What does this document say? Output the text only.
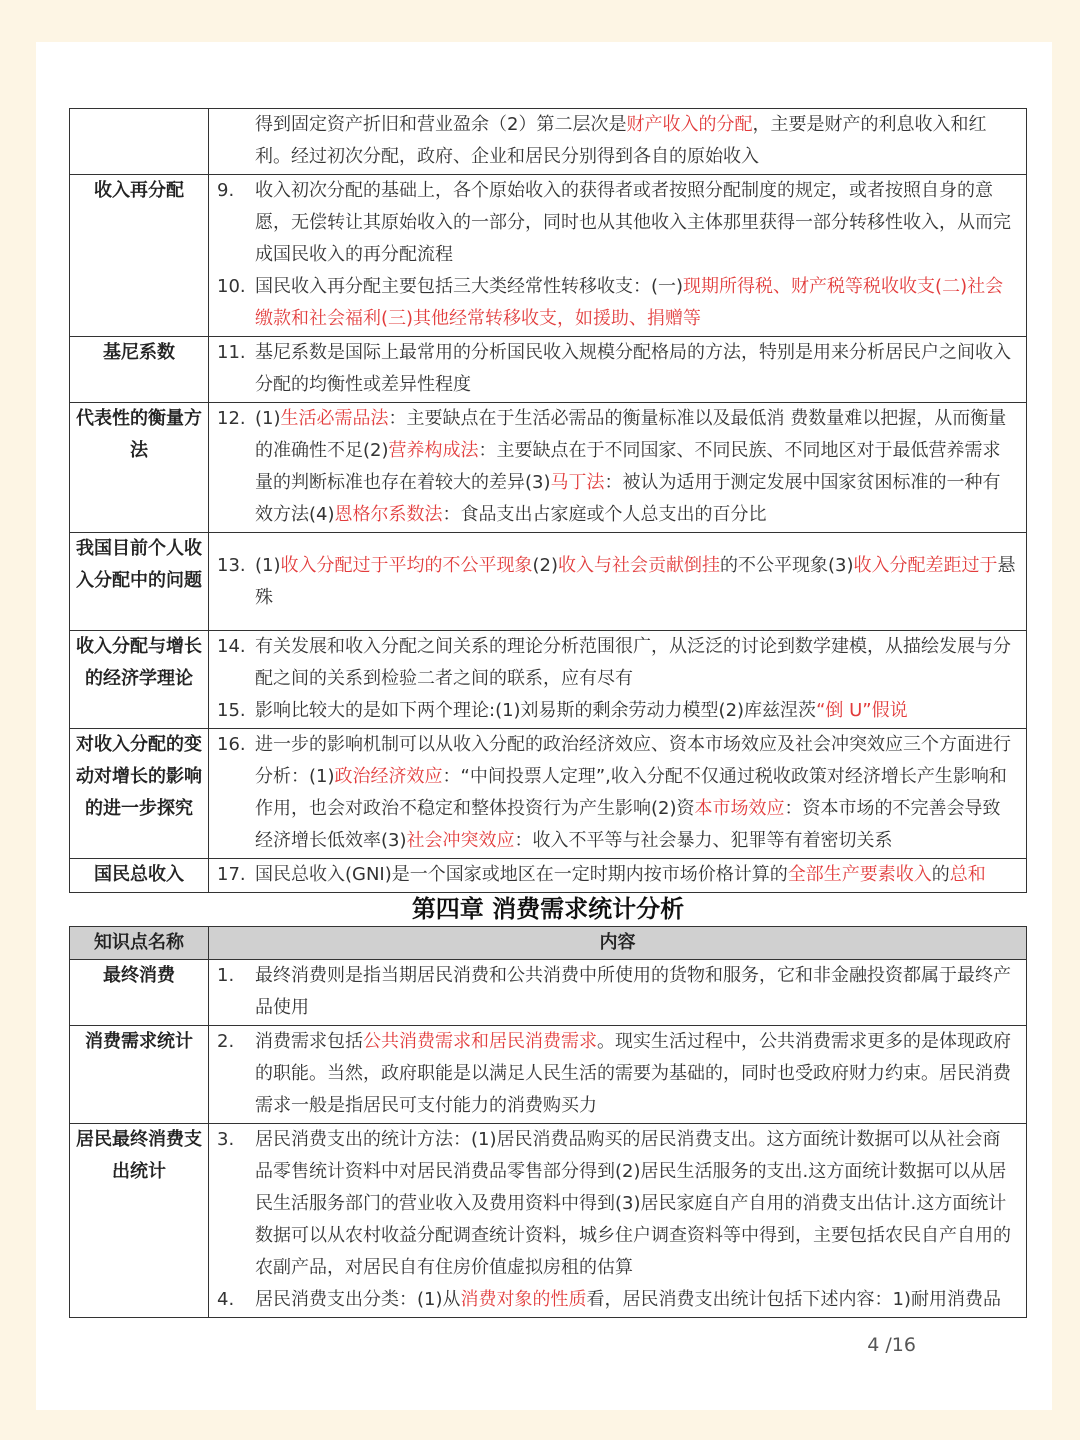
	得到固定资产折旧和营业盈余（2）第二层次是财产收入的分配，主要是财产的利息收入和红利。经过初次分配，政府、企业和居民分别得到各自的原始收入

收入再分配	9. 收入初次分配的基础上，各个原始收入的获得者或者按照分配制度的规定，或者按照自身的意愿，无偿转让其原始收入的一部分，同时也从其他收入主体那里获得一部分转移性收入，从而完成国民收入的再分配流程
10. 国民收入再分配主要包括三大类经常性转移收支：(一)现期所得税、财产税等税收收支(二)社会缴款和社会福利(三)其他经常转移收支，如援助、捐赠等

基尼系数	11. 基尼系数是国际上最常用的分析国民收入规模分配格局的方法，特别是用来分析居民户之间收入分配的均衡性或差异性程度

代表性的衡量方法	12. (1)生活必需品法：主要缺点在于生活必需品的衡量标准以及最低消 费数量难以把握，从而衡量的准确性不足(2)营养构成法：主要缺点在于不同国家、不同民族、不同地区对于最低营养需求量的判断标准也存在着较大的差异(3)马丁法：被认为适用于测定发展中国家贫困标准的一种有效方法(4)恩格尔系数法：食品支出占家庭或个人总支出的百分比

我国目前个人收入分配中的问题	13. (1)收入分配过于平均的不公平现象(2)收入与社会贡献倒挂的不公平现象(3)收入分配差距过于悬殊

收入分配与增长的经济学理论	14. 有关发展和收入分配之间关系的理论分析范围很广，从泛泛的讨论到数学建模，从描绘发展与分配之间的关系到检验二者之间的联系，应有尽有
15. 影响比较大的是如下两个理论:(1)刘易斯的剩余劳动力模型(2)库兹涅茨“倒 U”假说

对收入分配的变动对增长的影响的进一步探究	16. 进一步的影响机制可以从收入分配的政治经济效应、资本市场效应及社会冲突效应三个方面进行分析：(1)政治经济效应：“中间投票人定理”,收入分配不仅通过税收政策对经济增长产生影响和作用，也会对政治不稳定和整体投资行为产生影响(2)资本市场效应：资本市场的不完善会导致经济增长低效率(3)社会冲突效应：收入不平等与社会暴力、犯罪等有着密切关系

国民总收入	17. 国民总收入(GNI)是一个国家或地区在一定时期内按市场价格计算的全部生产要素收入的总和
第四章 消费需求统计分析
知识点名称	内容
最终消费	1. 最终消费则是指当期居民消费和公共消费中所使用的货物和服务，它和非金融投资都属于最终产品使用

消费需求统计	2. 消费需求包括公共消费需求和居民消费需求。现实生活过程中，公共消费需求更多的是体现政府的职能。当然，政府职能是以满足人民生活的需要为基础的，同时也受政府财力约束。居民消费需求一般是指居民可支付能力的消费购买力

居民最终消费支出统计	3. 居民消费支出的统计方法：(1)居民消费品购买的居民消费支出。这方面统计数据可以从社会商品零售统计资料中对居民消费品零售部分得到(2)居民生活服务的支出.这方面统计数据可以从居民生活服务部门的营业收入及费用资料中得到(3)居民家庭自产自用的消费支出估计.这方面统计数据可以从农村收益分配调查统计资料，城乡住户调查资料等中得到，主要包括农民自产自用的农副产品，对居民自有住房价值虚拟房租的估算
4. 居民消费支出分类：(1)从消费对象的性质看，居民消费支出统计包括下述内容：1)耐用消费品
4 /16
